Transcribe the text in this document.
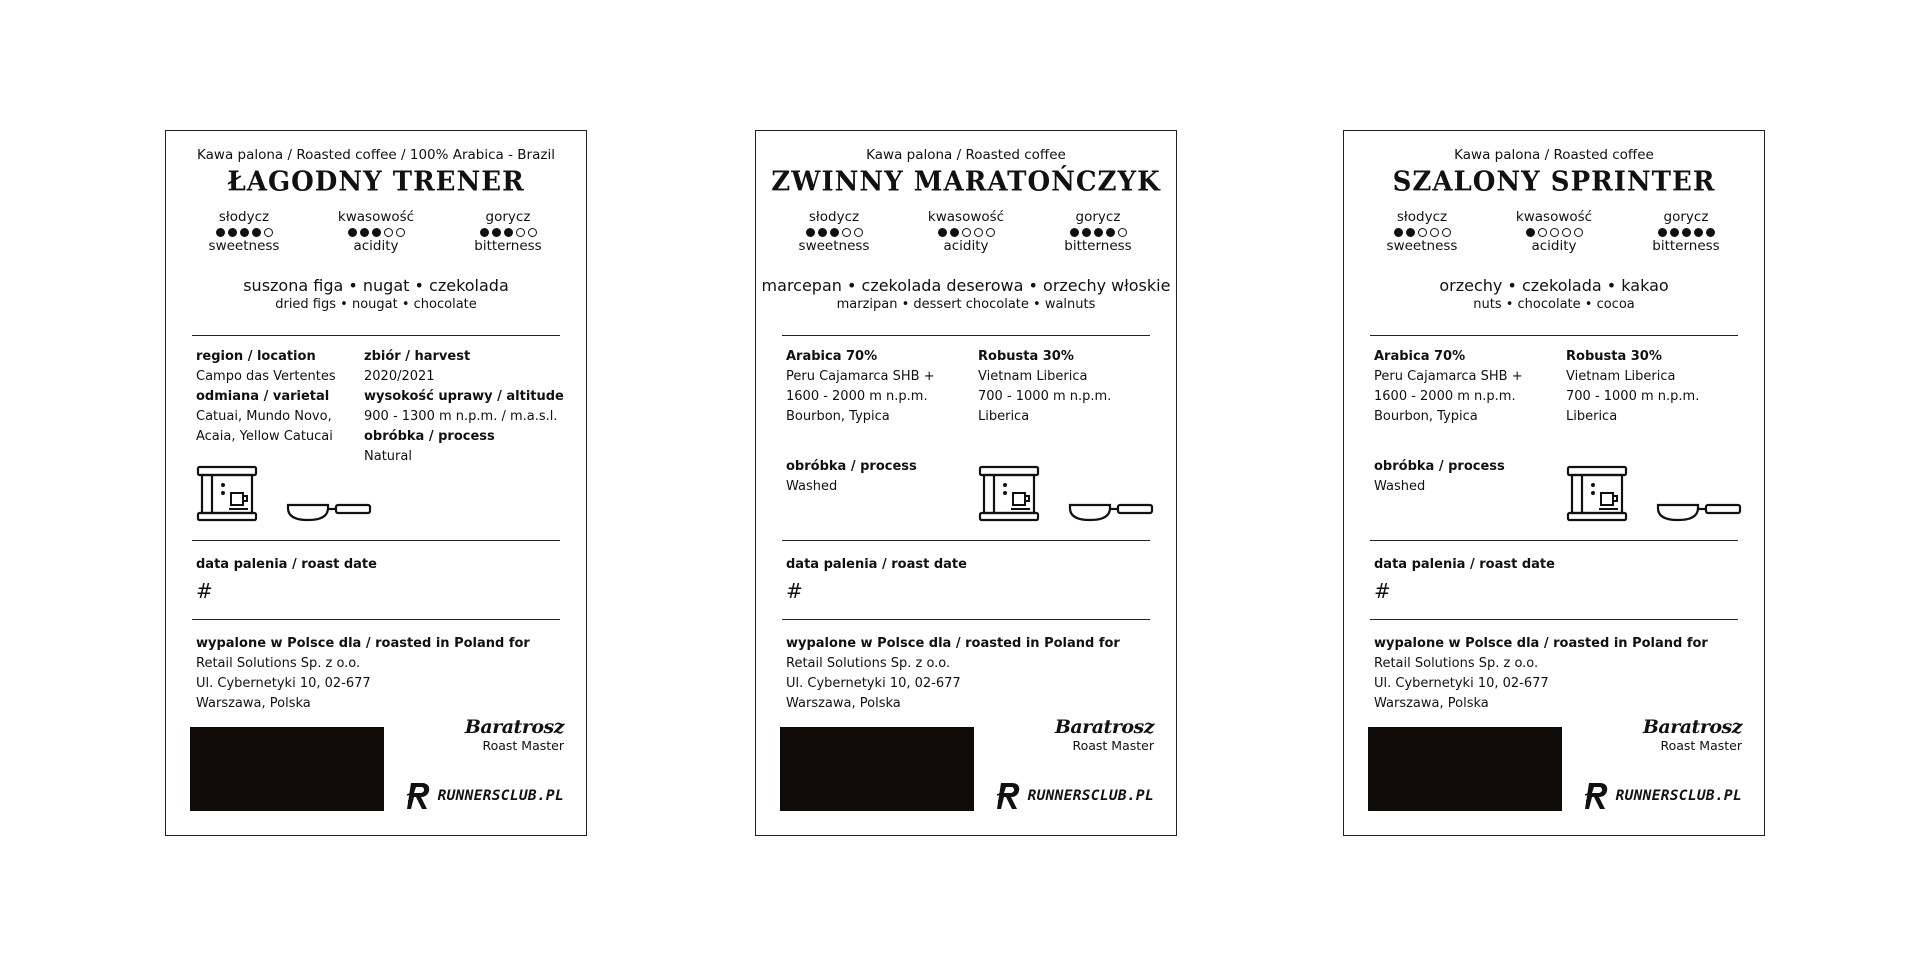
Kawa palona / Roasted coffee / 100% Arabica - Brazil
ŁAGODNY TRENER
słodycz
sweetness
kwasowość
acidity
gorycz
bitterness
suszona figa • nugat • czekolada
dried figs • nougat • chocolate
region / location
Campo das Vertentes
odmiana / varietal
Catuai, Mundo Novo,
Acaia, Yellow Catucai
zbiór / harvest
2020/2021
wysokość uprawy / altitude
900 - 1300 m n.p.m. / m.a.s.l.
obróbka / process
Natural
data palenia / roast date
#
wypalone w Polsce dla / roasted in Poland for
Retail Solutions Sp. z o.o.
Ul. Cybernetyki 10, 02-677
Warszawa, Polska
Baratrosz
Roast Master
RUNNERSCLUB.PL
Kawa palona / Roasted coffee
ZWINNY MARATOŃCZYK
słodycz
sweetness
kwasowość
acidity
gorycz
bitterness
marcepan • czekolada deserowa • orzechy włoskie
marzipan • dessert chocolate • walnuts
Arabica 70%
Peru Cajamarca SHB +
1600 - 2000 m n.p.m.
Bourbon, Typica
Robusta 30%
Vietnam Liberica
700 - 1000 m n.p.m.
Liberica
obróbka / process
Washed
data palenia / roast date
#
wypalone w Polsce dla / roasted in Poland for
Retail Solutions Sp. z o.o.
Ul. Cybernetyki 10, 02-677
Warszawa, Polska
Baratrosz
Roast Master
RUNNERSCLUB.PL
Kawa palona / Roasted coffee
SZALONY SPRINTER
słodycz
sweetness
kwasowość
acidity
gorycz
bitterness
orzechy • czekolada • kakao
nuts • chocolate • cocoa
Arabica 70%
Peru Cajamarca SHB +
1600 - 2000 m n.p.m.
Bourbon, Typica
Robusta 30%
Vietnam Liberica
700 - 1000 m n.p.m.
Liberica
obróbka / process
Washed
data palenia / roast date
#
wypalone w Polsce dla / roasted in Poland for
Retail Solutions Sp. z o.o.
Ul. Cybernetyki 10, 02-677
Warszawa, Polska
Baratrosz
Roast Master
RUNNERSCLUB.PL
